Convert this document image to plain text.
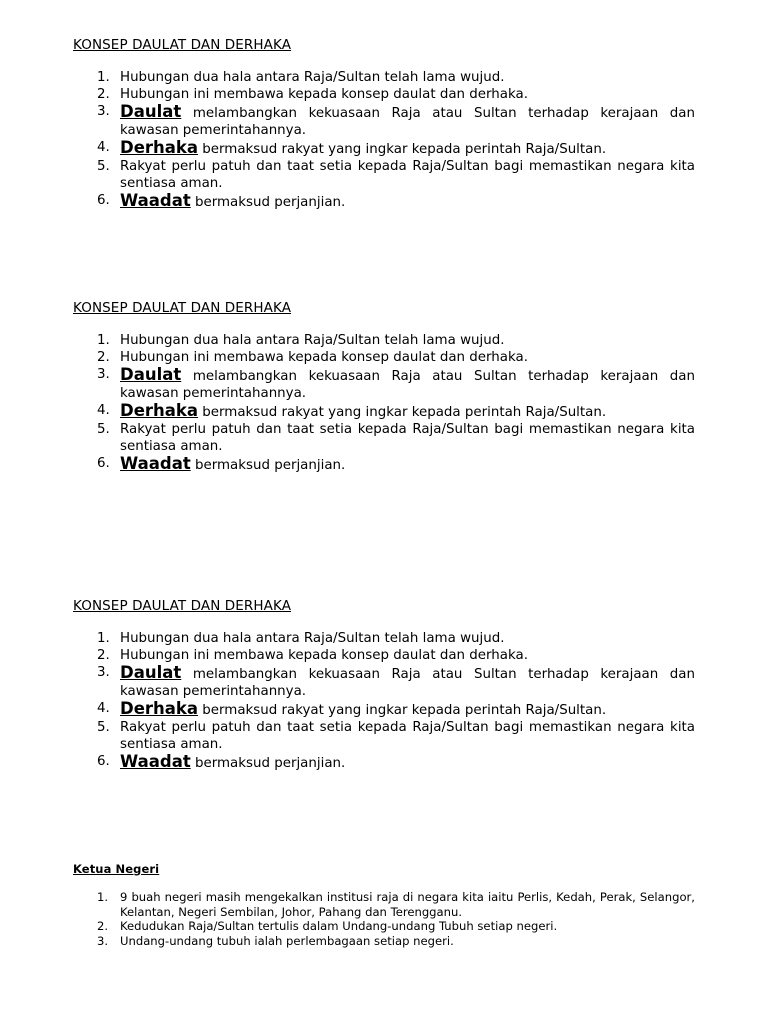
KONSEP DAULAT DAN DERHAKA
1. Hubungan dua hala antara Raja/Sultan telah lama wujud.
2. Hubungan ini membawa kepada konsep daulat dan derhaka.
3. Daulat melambangkan kekuasaan Raja atau Sultan terhadap kerajaan dan kawasan pemerintahannya.
4. Derhaka bermaksud rakyat yang ingkar kepada perintah Raja/Sultan.
5. Rakyat perlu patuh dan taat setia kepada Raja/Sultan bagi memastikan negara kita sentiasa aman.
6. Waadat bermaksud perjanjian.
KONSEP DAULAT DAN DERHAKA
1. Hubungan dua hala antara Raja/Sultan telah lama wujud.
2. Hubungan ini membawa kepada konsep daulat dan derhaka.
3. Daulat melambangkan kekuasaan Raja atau Sultan terhadap kerajaan dan kawasan pemerintahannya.
4. Derhaka bermaksud rakyat yang ingkar kepada perintah Raja/Sultan.
5. Rakyat perlu patuh dan taat setia kepada Raja/Sultan bagi memastikan negara kita sentiasa aman.
6. Waadat bermaksud perjanjian.
KONSEP DAULAT DAN DERHAKA
1. Hubungan dua hala antara Raja/Sultan telah lama wujud.
2. Hubungan ini membawa kepada konsep daulat dan derhaka.
3. Daulat melambangkan kekuasaan Raja atau Sultan terhadap kerajaan dan kawasan pemerintahannya.
4. Derhaka bermaksud rakyat yang ingkar kepada perintah Raja/Sultan.
5. Rakyat perlu patuh dan taat setia kepada Raja/Sultan bagi memastikan negara kita sentiasa aman.
6. Waadat bermaksud perjanjian.
Ketua Negeri
1. 9 buah negeri masih mengekalkan institusi raja di negara kita iaitu Perlis, Kedah, Perak, Selangor, Kelantan, Negeri Sembilan, Johor, Pahang dan Terengganu.
2. Kedudukan Raja/Sultan tertulis dalam Undang-undang Tubuh setiap negeri.
3. Undang-undang tubuh ialah perlembagaan setiap negeri.
